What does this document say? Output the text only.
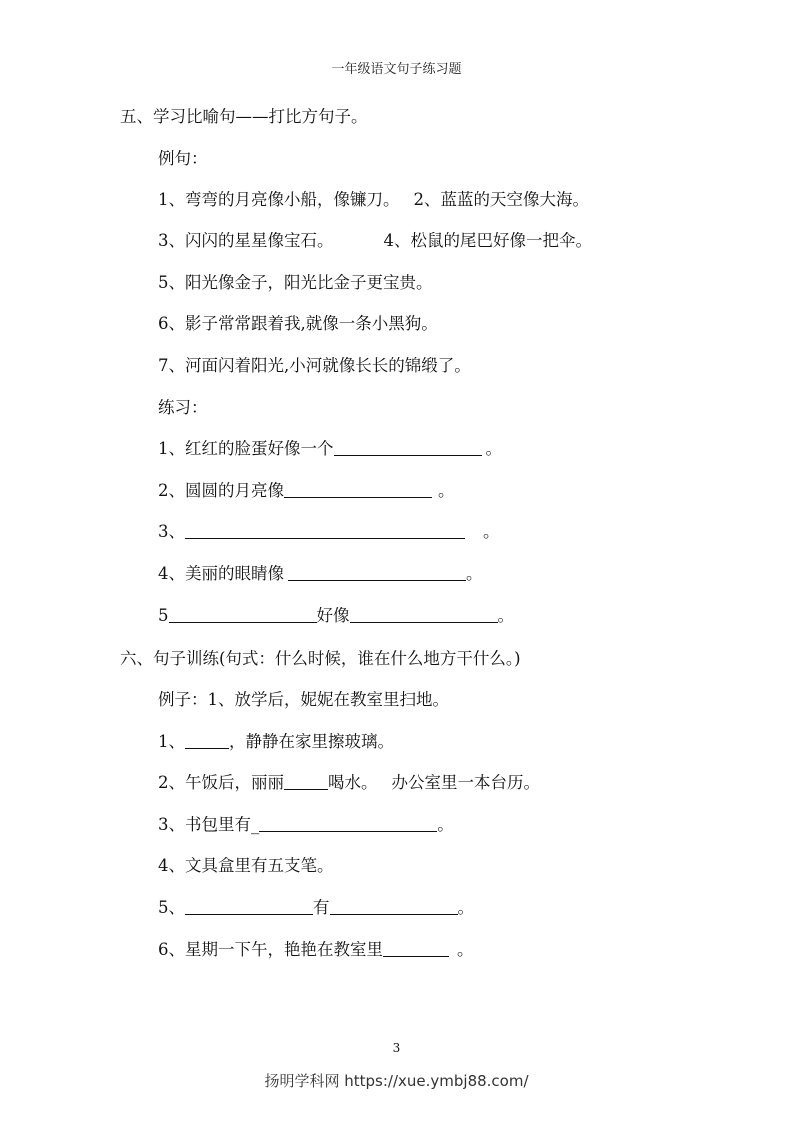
一年级语文句子练习题
五、学习比喻句——打比方句子。
例句：
1、弯弯的月亮像小船，像镰刀。 2、蓝蓝的天空像大海。
3、闪闪的星星像宝石。	4、松鼠的尾巴好像一把伞。
5、阳光像金子，阳光比金子更宝贵。
6、影子常常跟着我,就像一条小黑狗。
7、河面闪着阳光,小河就像长长的锦缎了。
练习：
1、红红的脸蛋好像一个	。
2、圆圆的月亮像	。
3、	。
4、美丽的眼睛像	。
5	好像	。
六、句子训练(句式：什么时候，谁在什么地方干什么。)
例子：1、放学后，妮妮在教室里扫地。
1、	，静静在家里擦玻璃。
2、午饭后，丽丽	喝水。 办公室里一本台历。
3、书包里有_	。
4、文具盒里有五支笔。
5、	有	。
6、星期一下午，艳艳在教室里	。
3
扬明学科网 https://xue.ymbj88.com/
